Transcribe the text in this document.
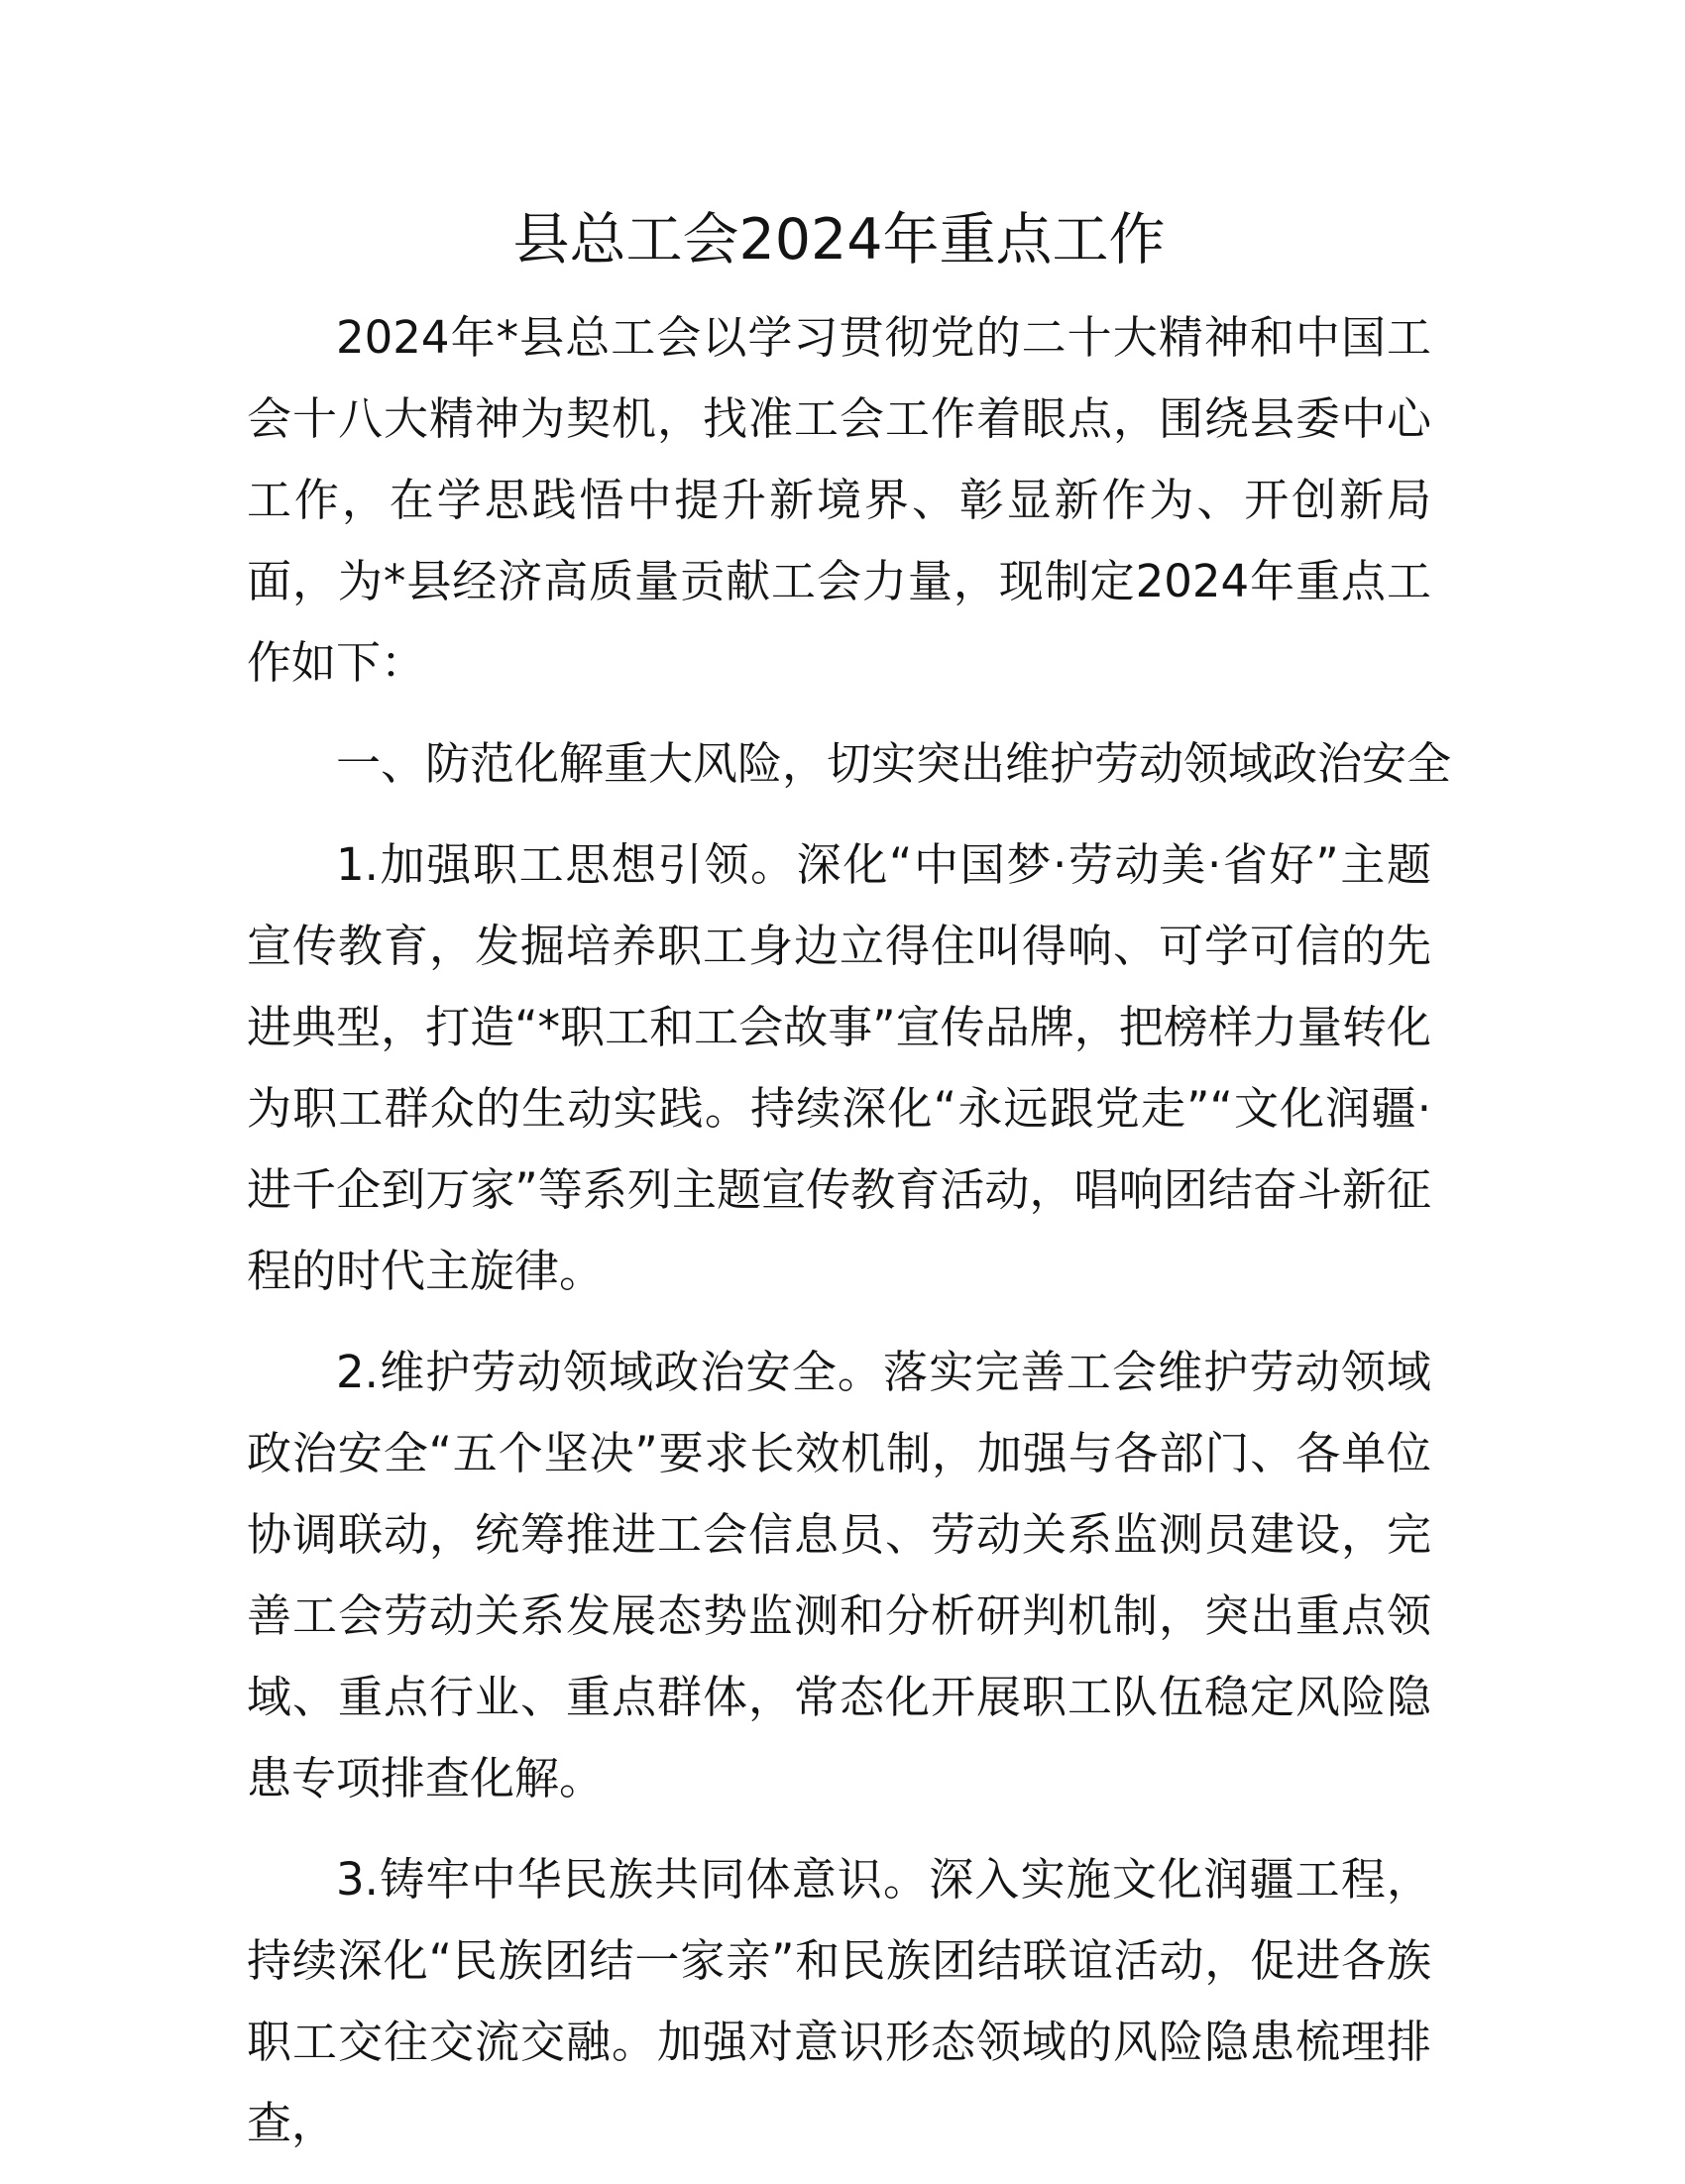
县总工会2024年重点工作

2024年*县总工会以学习贯彻党的二十大精神和中国工会十八大精神为契机，找准工会工作着眼点，围绕县委中心工作，在学思践悟中提升新境界、彰显新作为、开创新局面，为*县经济高质量贡献工会力量，现制定2024年重点工作如下：

一、防范化解重大风险，切实突出维护劳动领域政治安全

1.加强职工思想引领。深化“中国梦·劳动美·省好”主题宣传教育，发掘培养职工身边立得住叫得响、可学可信的先进典型，打造“*职工和工会故事”宣传品牌，把榜样力量转化为职工群众的生动实践。持续深化“永远跟党走”“文化润疆·进千企到万家”等系列主题宣传教育活动，唱响团结奋斗新征程的时代主旋律。

2.维护劳动领域政治安全。落实完善工会维护劳动领域政治安全“五个坚决”要求长效机制，加强与各部门、各单位协调联动，统筹推进工会信息员、劳动关系监测员建设，完善工会劳动关系发展态势监测和分析研判机制，突出重点领域、重点行业、重点群体，常态化开展职工队伍稳定风险隐患专项排查化解。

3.铸牢中华民族共同体意识。深入实施文化润疆工程，持续深化“民族团结一家亲”和民族团结联谊活动，促进各族职工交往交流交融。加强对意识形态领域的风险隐患梳理排查，
